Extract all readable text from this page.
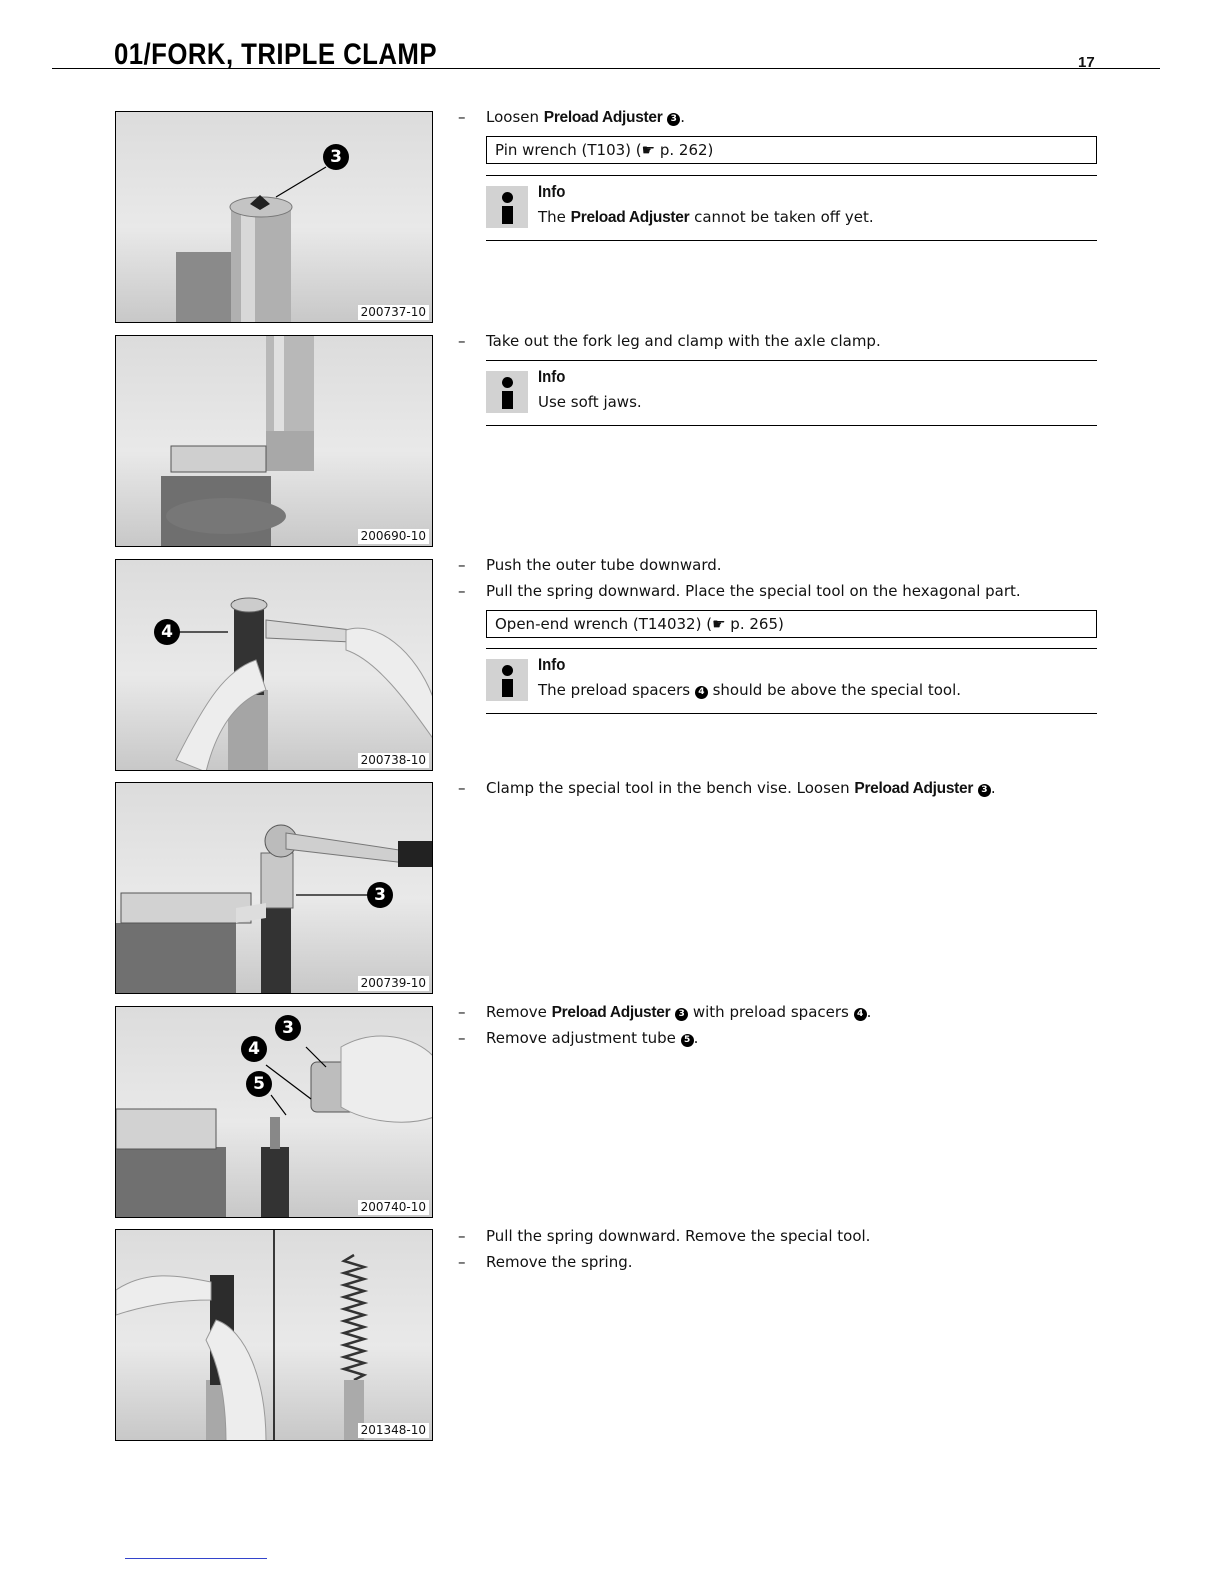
01/FORK, TRIPLE CLAMP	17
3
200737-10
200690-10
4
200738-10
3
200739-10
3
4
5
200740-10
201348-10
– Loosen Preload Adjuster 3 .
Pin wrench (T103) (☛ p. 262)
Info
The Preload Adjuster cannot be taken off yet.
– Take out the fork leg and clamp with the axle clamp.
Info
Use soft jaws.
– Push the outer tube downward.
– Pull the spring downward. Place the special tool on the hexagonal part.
Open-end wrench (T14032) (☛ p. 265)
Info
The preload spacers 4 should be above the special tool.
– Clamp the special tool in the bench vise. Loosen Preload Adjuster 3 .
– Remove Preload Adjuster 3 with preload spacers 4 .
– Remove adjustment tube 5 .
– Pull the spring downward. Remove the special tool.
– Remove the spring.
